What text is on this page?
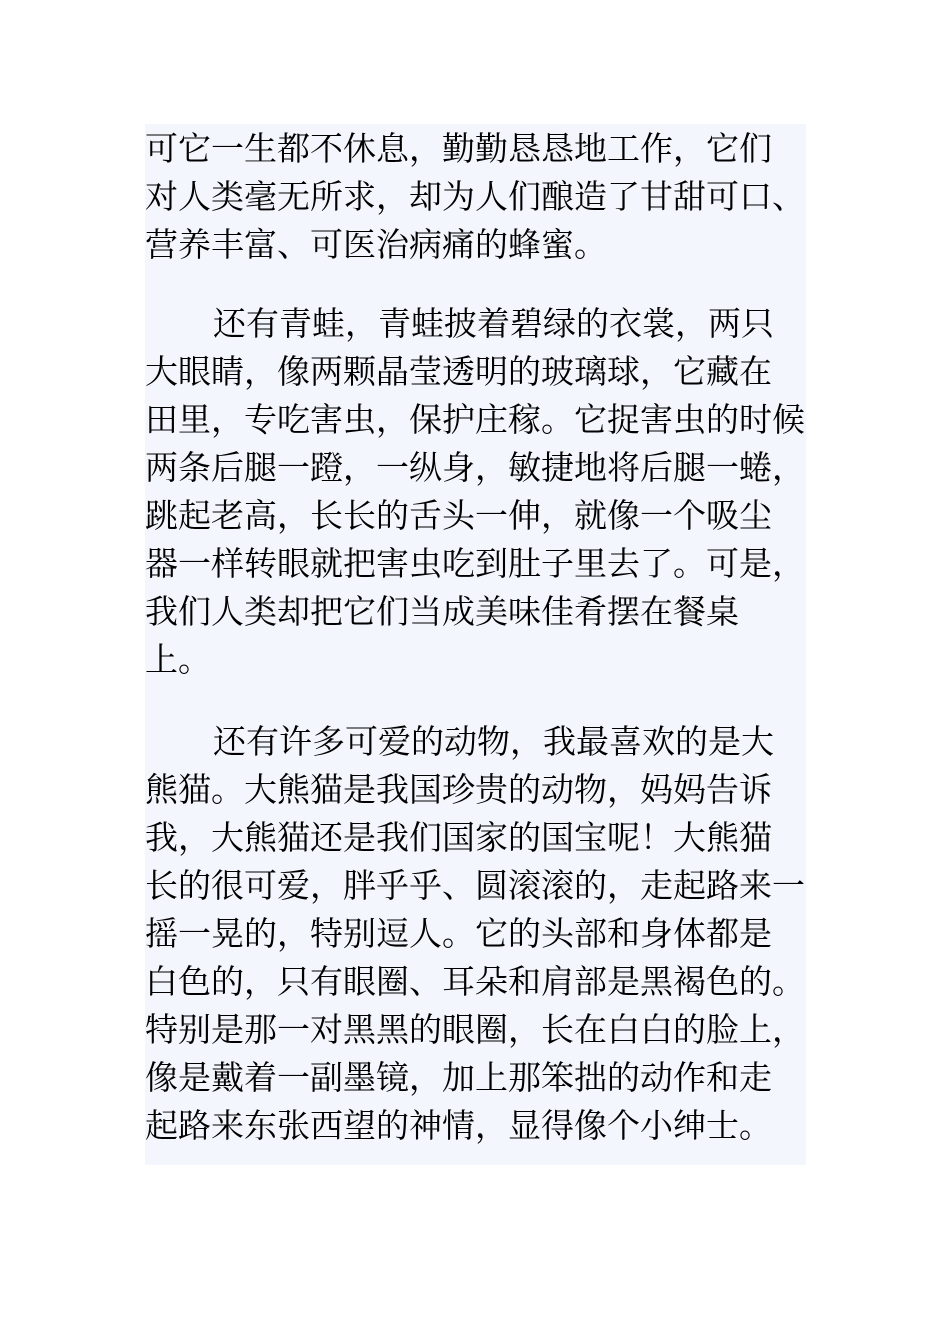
可它一生都不休息，勤勤恳恳地工作，它们
对人类毫无所求，却为人们酿造了甘甜可口、
营养丰富、可医治病痛的蜂蜜。
还有青蛙，青蛙披着碧绿的衣裳，两只
大眼睛，像两颗晶莹透明的玻璃球，它藏在
田里，专吃害虫，保护庄稼。它捉害虫的时候
两条后腿一蹬，一纵身，敏捷地将后腿一蜷，
跳起老高，长长的舌头一伸，就像一个吸尘
器一样转眼就把害虫吃到肚子里去了。可是，
我们人类却把它们当成美味佳肴摆在餐桌
上。
还有许多可爱的动物，我最喜欢的是大
熊猫。大熊猫是我国珍贵的动物，妈妈告诉
我，大熊猫还是我们国家的国宝呢！大熊猫
长的很可爱，胖乎乎、圆滚滚的，走起路来一
摇一晃的，特别逗人。它的头部和身体都是
白色的，只有眼圈、耳朵和肩部是黑褐色的。
特别是那一对黑黑的眼圈，长在白白的脸上，
像是戴着一副墨镜，加上那笨拙的动作和走
起路来东张西望的神情，显得像个小绅士。
